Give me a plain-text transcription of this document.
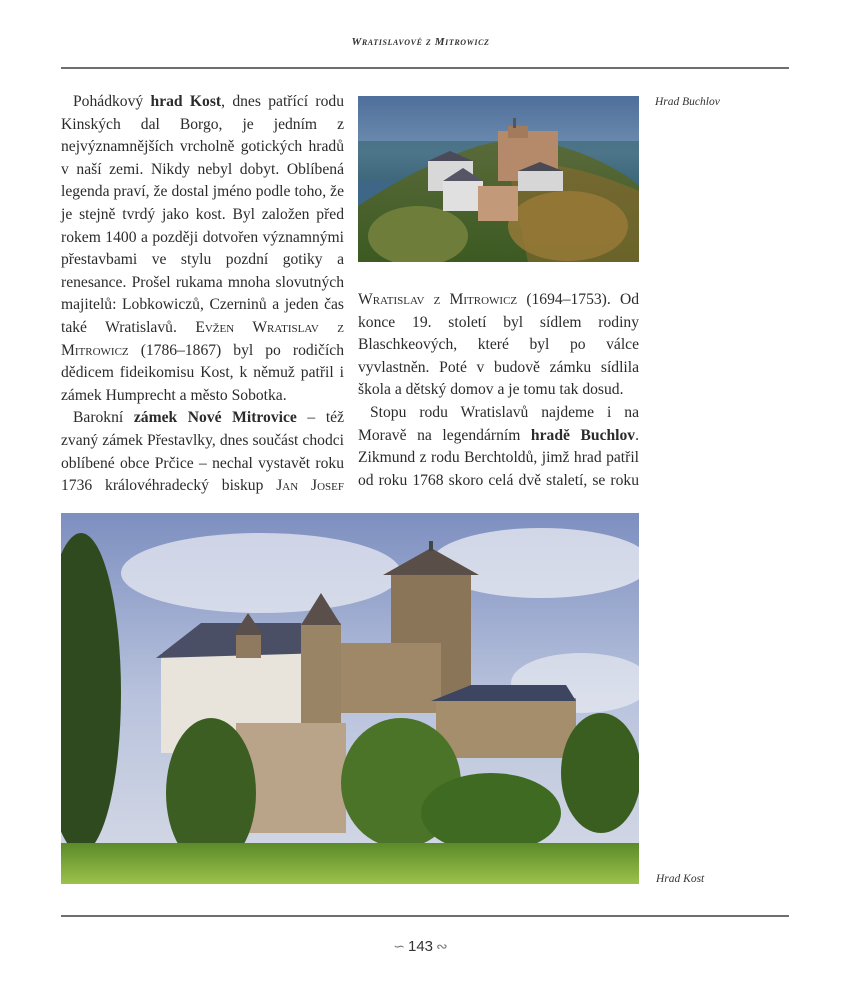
Wratislavové z Mitrowicz

Pohádkový hrad Kost, dnes patřící rodu Kinských dal Borgo, je jedním z nejvýznamnějších vrcholně gotických hradů v naší zemi. Nikdy nebyl dobyt. Oblíbená legenda praví, že dostal jméno podle toho, že je stejně tvrdý jako kost. Byl založen před rokem 1400 a později dotvořen významnými přestavbami ve stylu pozdní gotiky a renesance. Prošel rukama mnoha slovutných majitelů: Lobkowiczů, Czerninů a jeden čas také Wratislavů. Evžen Wratislav z Mitrowicz (1786–1867) byl po rodičích dědicem fideikomisu Kost, k němuž patřil i zámek Humprecht a město Sobotka.

Barokní zámek Nové Mitrovice – též zvaný zámek Přestavlky, dnes součást chodci oblíbené obce Prčice – nechal vystavět roku 1736 královéhradecký biskup Jan Josef

Hrad Buchlov

Wratislav z Mitrowicz (1694–1753). Od konce 19. století byl sídlem rodiny Blaschkeových, které byl po válce vyvlastněn. Poté v budově zámku sídlila škola a dětský domov a je tomu tak dosud.

Stopu rodu Wratislavů najdeme i na Moravě na legendárním hradě Buchlov. Zikmund z rodu Berchtoldů, jimž hrad patřil od roku 1768 skoro celá dvě staletí, se roku

Hrad Kost
∽ 143 ∾
